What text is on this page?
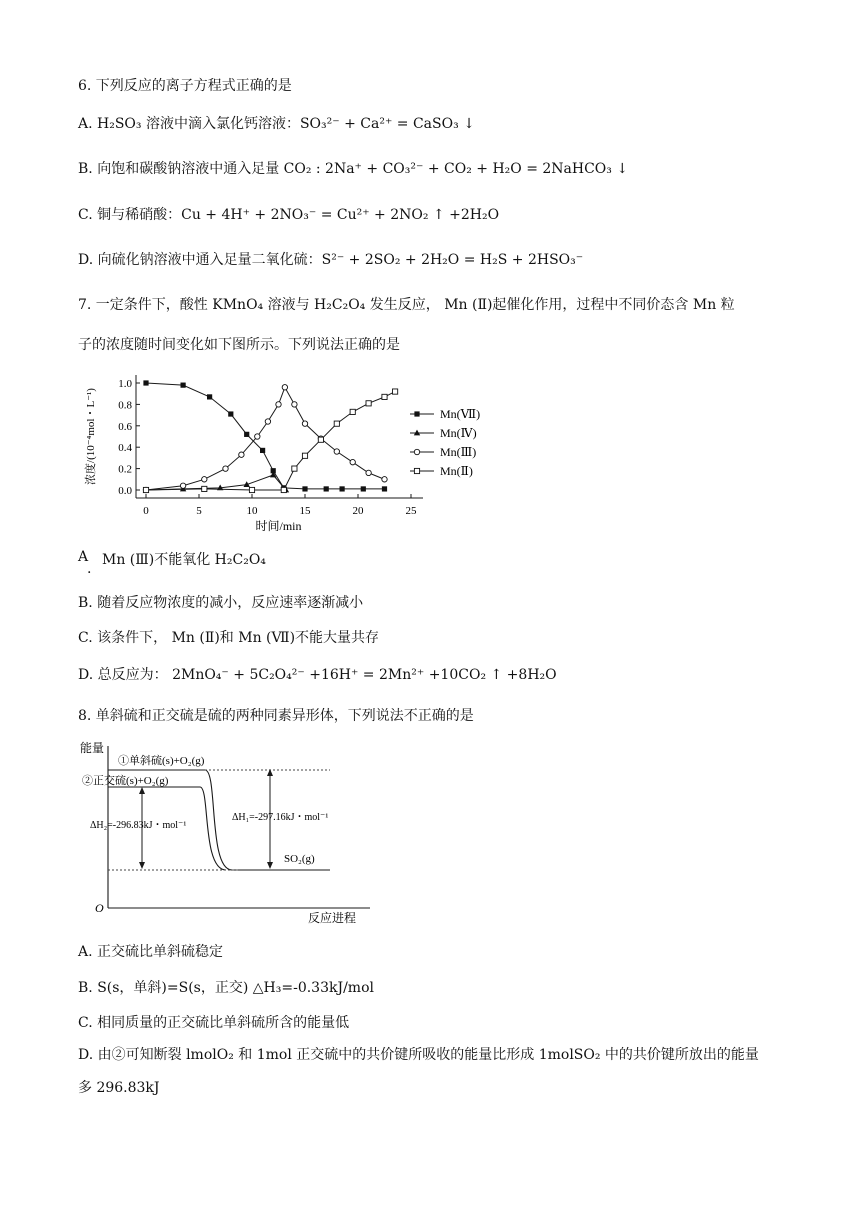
6. 下列反应的离子方程式正确的是
A. H₂SO₃ 溶液中滴入氯化钙溶液：SO₃²⁻ + Ca²⁺ = CaSO₃ ↓
B. 向饱和碳酸钠溶液中通入足量 CO₂ : 2Na⁺ + CO₃²⁻ + CO₂ + H₂O = 2NaHCO₃ ↓
C. 铜与稀硝酸：Cu + 4H⁺ + 2NO₃⁻ = Cu²⁺ + 2NO₂ ↑ +2H₂O
D. 向硫化钠溶液中通入足量二氧化硫：S²⁻ + 2SO₂ + 2H₂O = H₂S + 2HSO₃⁻
7. 一定条件下，酸性 KMnO₄ 溶液与 H₂C₂O₄ 发生反应， Mn (Ⅱ)起催化作用，过程中不同价态含 Mn 粒
子的浓度随时间变化如下图所示。下列说法正确的是
0.0
0.2
0.4
0.6
0.8
1.0
0	5	10	15	20	25
时间/min
浓度/(10⁻⁴mol・L⁻¹)	Mn(Ⅶ)
Mn(Ⅳ)
Mn(Ⅲ)
Mn(Ⅱ)
A
.
Mn (Ⅲ)不能氧化 H₂C₂O₄
B. 随着反应物浓度的减小，反应速率逐渐减小
C. 该条件下， Mn (Ⅱ)和 Mn (Ⅶ)不能大量共存
D. 总反应为： 2MnO₄⁻ + 5C₂O₄²⁻ +16H⁺ = 2Mn²⁺ +10CO₂ ↑ +8H₂O
8. 单斜硫和正交硫是硫的两种同素异形体，下列说法不正确的是
能量
O
反应进程
①单斜硫(s)+O₂(g)
②正交硫(s)+O₂(g)
ΔH₂=-296.83kJ・mol⁻¹
ΔH₁=-297.16kJ・mol⁻¹
SO₂(g)
A. 正交硫比单斜硫稳定
B. S(s，单斜)=S(s，正交) △H₃=-0.33kJ/mol
C. 相同质量的正交硫比单斜硫所含的能量低
D. 由②可知断裂 lmolO₂ 和 1mol 正交硫中的共价键所吸收的能量比形成 1molSO₂ 中的共价键所放出的能量
多 296.83kJ
